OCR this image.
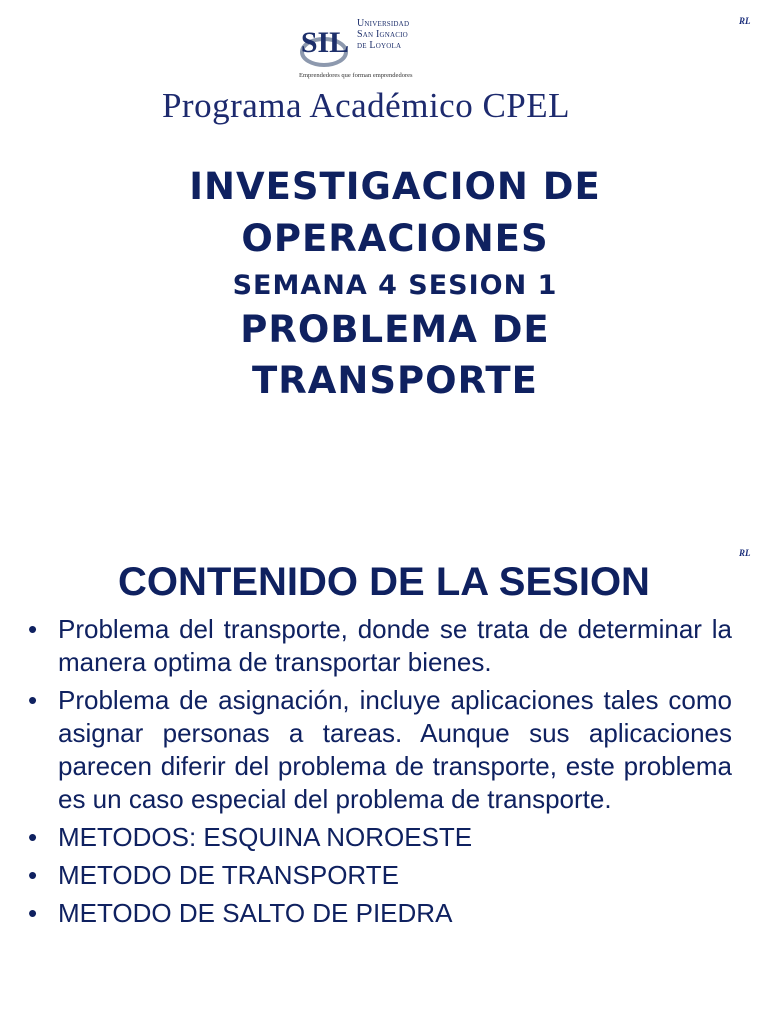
RL
SIL
Universidad
San Ignacio
de Loyola
Emprendedores que forman emprendedores
Programa Académico CPEL
INVESTIGACION DE
OPERACIONES
SEMANA 4 SESION 1
PROBLEMA DE
TRANSPORTE
RL
CONTENIDO DE LA SESION
• Problema del transporte, donde se trata de determinar la manera optima de transportar bienes.
• Problema de asignación, incluye aplicaciones tales como asignar personas a tareas. Aunque sus aplicaciones parecen diferir del problema de transporte, este problema es un caso especial del problema de transporte.
• METODOS: ESQUINA NOROESTE
• METODO DE TRANSPORTE
• METODO DE SALTO DE PIEDRA
